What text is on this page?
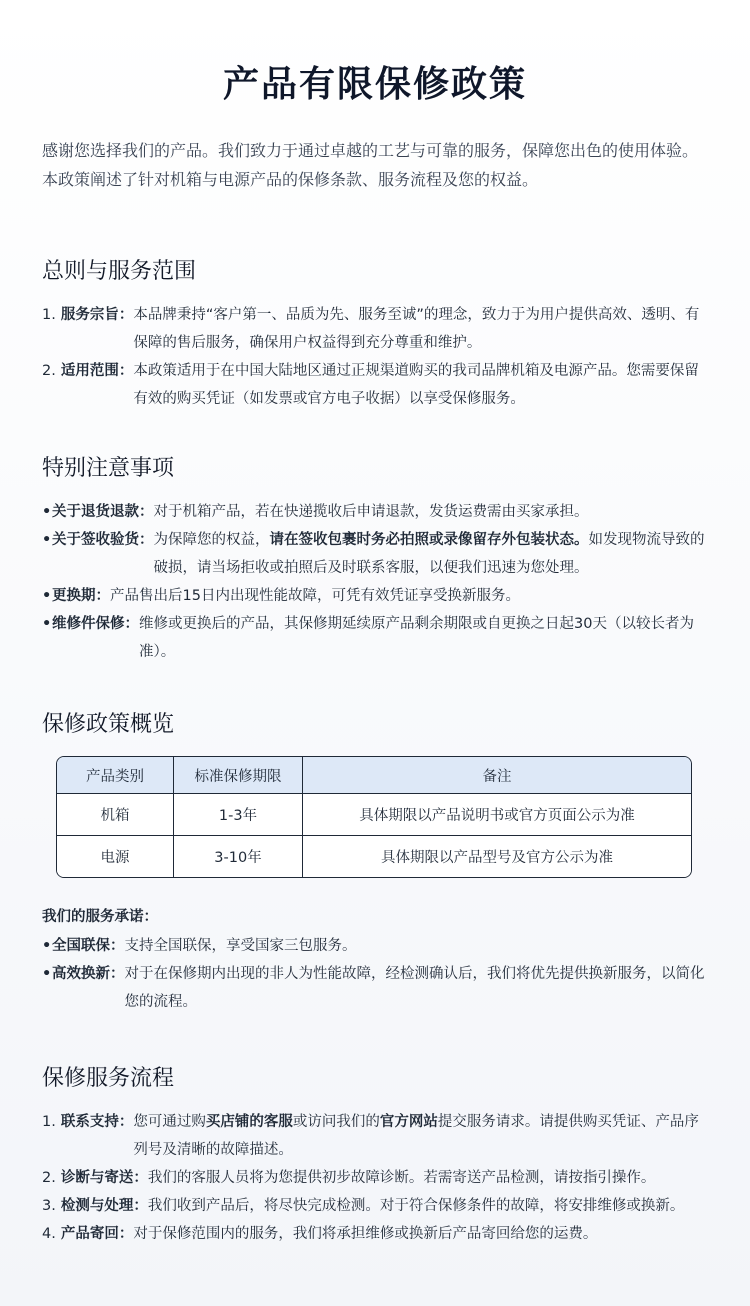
产品有限保修政策

感谢您选择我们的产品。我们致力于通过卓越的工艺与可靠的服务，保障您出色的使用体验。本政策阐述了针对机箱与电源产品的保修条款、服务流程及您的权益。

总则与服务范围
1. 服务宗旨： 本品牌秉持“客户第一、品质为先、服务至诚”的理念，致力于为用户提供高效、透明、有保障的售后服务，确保用户权益得到充分尊重和维护。
2. 适用范围： 本政策适用于在中国大陆地区通过正规渠道购买的我司品牌机箱及电源产品。您需要保留有效的购买凭证（如发票或官方电子收据）以享受保修服务。
特别注意事项
• 关于退货退款： 对于机箱产品，若在快递揽收后申请退款，发货运费需由买家承担。
• 关于签收验货： 为保障您的权益，请在签收包裹时务必拍照或录像留存外包装状态。如发现物流导致的破损，请当场拒收或拍照后及时联系客服，以便我们迅速为您处理。
• 更换期： 产品售出后15日内出现性能故障，可凭有效凭证享受换新服务。
• 维修件保修： 维修或更换后的产品，其保修期延续原产品剩余期限或自更换之日起30天（以较长者为准）。
保修政策概览
产品类别	标准保修期限	备注
机箱	1-3年	具体期限以产品说明书或官方页面公示为准
电源	3-10年	具体期限以产品型号及官方公示为准
我们的服务承诺：
• 全国联保： 支持全国联保，享受国家三包服务。
• 高效换新： 对于在保修期内出现的非人为性能故障，经检测确认后，我们将优先提供换新服务，以简化您的流程。
保修服务流程
1. 联系支持： 您可通过购买店铺的客服或访问我们的官方网站提交服务请求。请提供购买凭证、产品序列号及清晰的故障描述。
2. 诊断与寄送： 我们的客服人员将为您提供初步故障诊断。若需寄送产品检测，请按指引操作。
3. 检测与处理： 我们收到产品后，将尽快完成检测。对于符合保修条件的故障，将安排维修或换新。
4. 产品寄回： 对于保修范围内的服务，我们将承担维修或换新后产品寄回给您的运费。
